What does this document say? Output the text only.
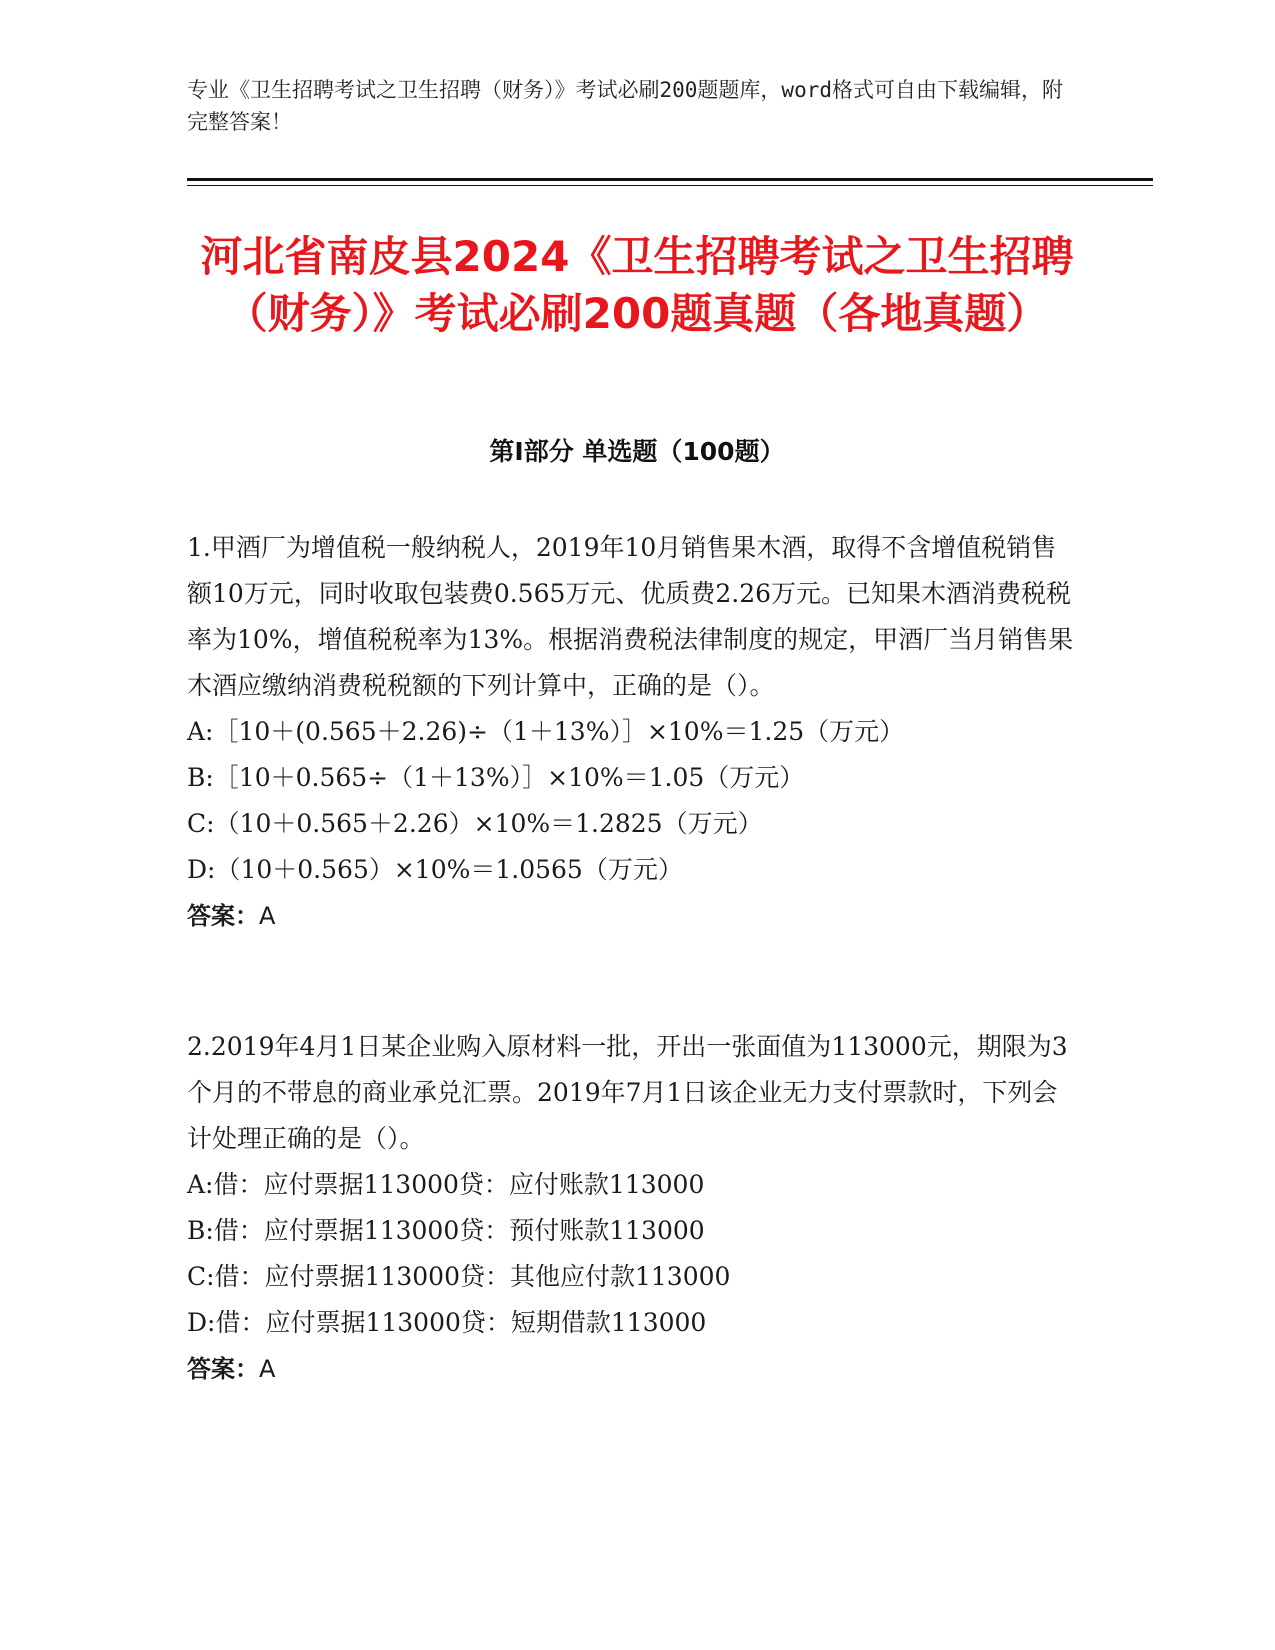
专业《卫生招聘考试之卫生招聘（财务）》考试必刷200题题库，word格式可自由下载编辑，附完整答案！
河北省南皮县2024《卫生招聘考试之卫生招聘（财务）》考试必刷200题真题（各地真题）
第I部分 单选题（100题）

1.甲酒厂为增值税一般纳税人，2019年10月销售果木酒，取得不含增值税销售额10万元，同时收取包装费0.565万元、优质费2.26万元。已知果木酒消费税税率为10%，增值税税率为13%。根据消费税法律制度的规定，甲酒厂当月销售果木酒应缴纳消费税税额的下列计算中，正确的是（）。

A:［10＋(0.565＋2.26)÷（1＋13%）］×10%＝1.25（万元）

B:［10＋0.565÷（1＋13%）］×10%＝1.05（万元）

C:（10＋0.565＋2.26）×10%＝1.2825（万元）

D:（10＋0.565）×10%＝1.0565（万元）

答案：A

2.2019年4月1日某企业购入原材料一批，开出一张面值为113000元，期限为3个月的不带息的商业承兑汇票。2019年7月1日该企业无力支付票款时，下列会计处理正确的是（）。

A:借：应付票据113000贷：应付账款113000

B:借：应付票据113000贷：预付账款113000

C:借：应付票据113000贷：其他应付款113000

D:借：应付票据113000贷：短期借款113000

答案：A
